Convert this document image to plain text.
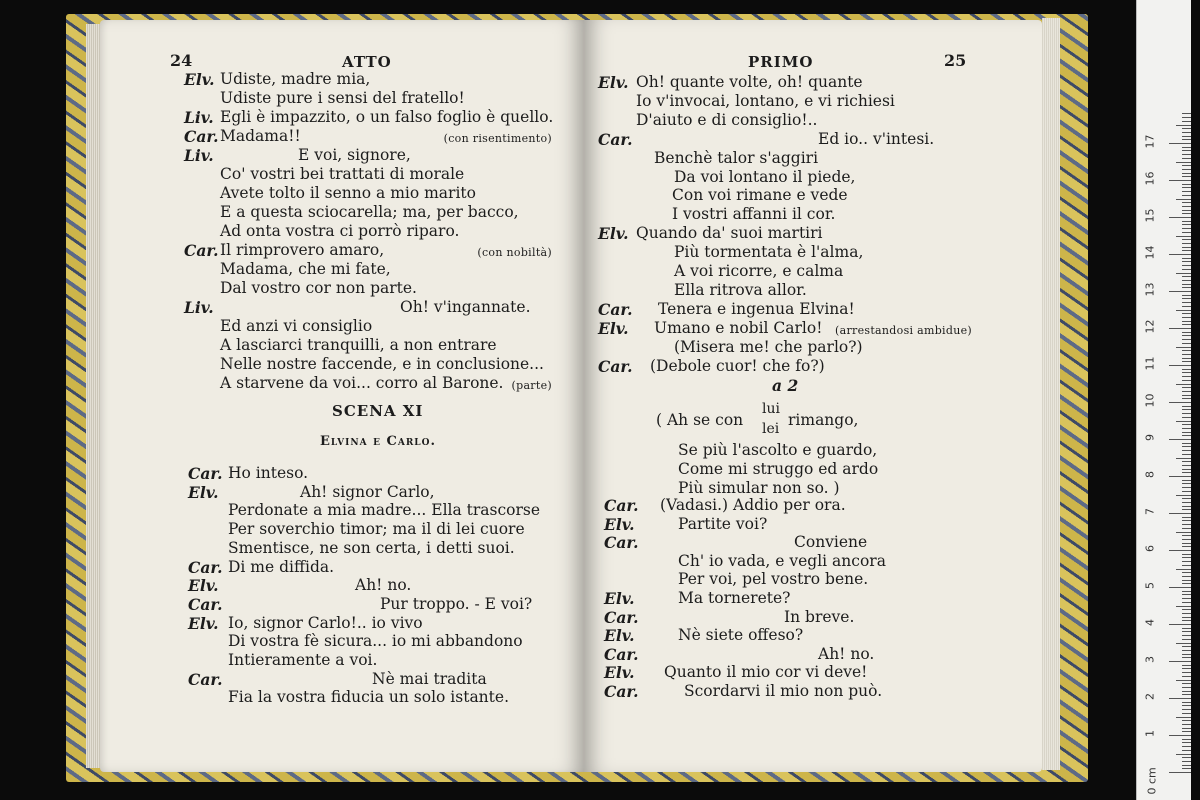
24	ATTO
Elv. Udiste, madre mia,
Udiste pure i sensi del fratello!
Liv. Egli è impazzito, o un falso foglio è quello.
Car. Madama!!	(con risentimento)
Liv.	E voi, signore,
Co' vostri bei trattati di morale
Avete tolto il senno a mio marito
E a questa sciocarella; ma, per bacco,
Ad onta vostra ci porrò riparo.
Car. Il rimprovero amaro,	(con nobiltà)
Madama, che mi fate,
Dal vostro cor non parte.
Liv.	Oh! v'ingannate.
Ed anzi vi consiglio
A lasciarci tranquilli, a non entrare
Nelle nostre faccende, e in conclusione...
A starvene da voi... corro al Barone. (parte)
SCENA XI
Elvina e Carlo.
Car. Ho inteso.
Elv.	Ah! signor Carlo,
Perdonate a mia madre... Ella trascorse
Per soverchio timor; ma il di lei cuore
Smentisce, ne son certa, i detti suoi.
Car. Di me diffida.
Elv.	Ah! no.
Car.	Pur troppo. - E voi?
Elv. Io, signor Carlo!.. io vivo
Di vostra fè sicura... io mi abbandono
Intieramente a voi.
Car.	Nè mai tradita
Fia la vostra fiducia un solo istante.
PRIMO	25
Elv. Oh! quante volte, oh! quante
Io v'invocai, lontano, e vi richiesi
D'aiuto e di consiglio!..
Car.	Ed io.. v'intesi.
Benchè talor s'aggiri
Da voi lontano il piede,
Con voi rimane e vede
I vostri affanni il cor.
Elv. Quando da' suoi martiri
Più tormentata è l'alma,
A voi ricorre, e calma
Ella ritrova allor.
Car. Tenera e ingenua Elvina!
Elv. Umano e nobil Carlo! (arrestandosi ambidue)
(Misera me! che parlo?)
Car. (Debole cuor! che fo?)
a 2
( Ah se con
lui
lei rimango,
Se più l'ascolto e guardo,
Come mi struggo ed ardo
Più simular non so. )
Car. (Vadasi.) Addio per ora.
Elv.	Partite voi?
Car.	Conviene
Ch' io vada, e vegli ancora
Per voi, pel vostro bene.
Elv.	Ma tornerete?
Car.	In breve.
Elv.	Nè siete offeso?
Car.	Ah! no.
Elv. Quanto il mio cor vi deve!
Car.	Scordarvi il mio non può.
1
2
3
4
5
6
7
8
9
10
11
12
13
14
15
16
17
0 cm
